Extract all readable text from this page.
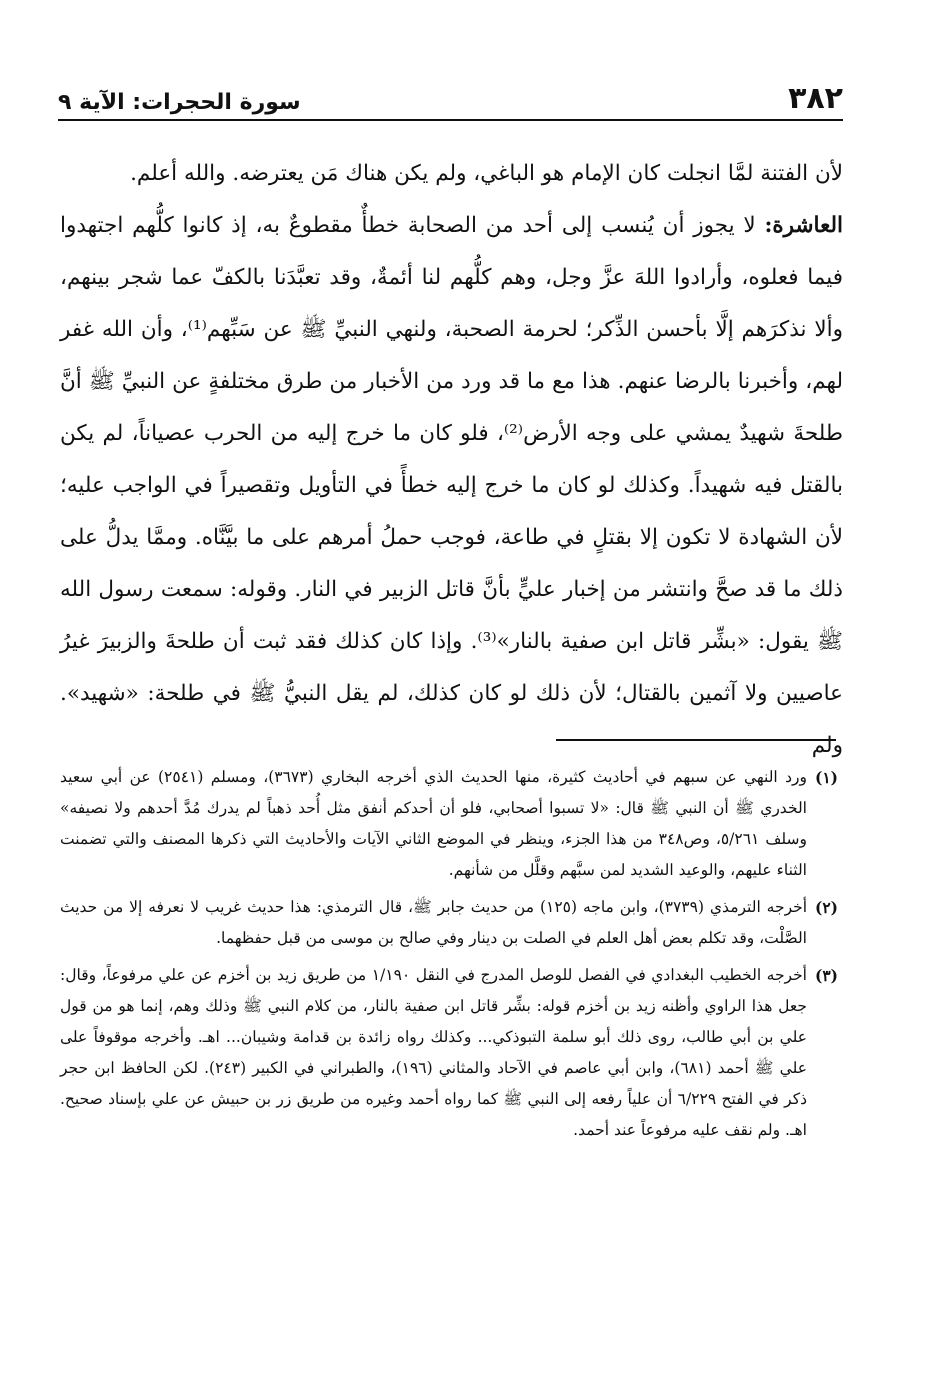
٣٨٢
سورة الحجرات: الآية ٩

لأن الفتنة لمَّا انجلت كان الإمام هو الباغي، ولم يكن هناك مَن يعترضه. والله أعلم.

العاشرة: لا يجوز أن يُنسب إلى أحد من الصحابة خطأٌ مقطوعٌ به، إذ كانوا كلُّهم اجتهدوا فيما فعلوه، وأرادوا اللهَ عزَّ وجل، وهم كلُّهم لنا أئمةٌ، وقد تعبَّدَنا بالكفّ عما شجر بينهم، وألا نذكرَهم إلَّا بأحسن الذِّكر؛ لحرمة الصحبة، ولنهي النبيِّ ﷺ عن سَبِّهم⁽¹⁾، وأن الله غفر لهم، وأخبرنا بالرضا عنهم. هذا مع ما قد ورد من الأخبار من طرق مختلفةٍ عن النبيِّ ﷺ أنَّ طلحةَ شهيدٌ يمشي على وجه الأرض⁽²⁾، فلو كان ما خرج إليه من الحرب عصياناً، لم يكن بالقتل فيه شهيداً. وكذلك لو كان ما خرج إليه خطأً في التأويل وتقصيراً في الواجب عليه؛ لأن الشهادة لا تكون إلا بقتلٍ في طاعة، فوجب حملُ أمرهم على ما بيَّنَّاه. وممَّا يدلُّ على ذلك ما قد صحَّ وانتشر من إخبار عليٍّ بأنَّ قاتل الزبير في النار. وقوله: سمعت رسول الله ﷺ يقول: «بشِّر قاتل ابن صفية بالنار»⁽³⁾. وإذا كان كذلك فقد ثبت أن طلحةَ والزبيرَ غيرُ عاصيين ولا آثمين بالقتال؛ لأن ذلك لو كان كذلك، لم يقل النبيُّ ﷺ في طلحة: «شهيد». ولم

(١)
ورد النهي عن سبهم في أحاديث كثيرة، منها الحديث الذي أخرجه البخاري (٣٦٧٣)، ومسلم (٢٥٤١) عن أبي سعيد الخدري ﷺ أن النبي ﷺ قال: «لا تسبوا أصحابي، فلو أن أحدكم أنفق مثل أُحد ذهباً لم يدرك مُدَّ أحدهم ولا نصيفه» وسلف ٥/٢٦١، وص٣٤٨ من هذا الجزء، وينظر في الموضع الثاني الآيات والأحاديث التي ذكرها المصنف والتي تضمنت الثناء عليهم، والوعيد الشديد لمن سبَّهم وقلَّل من شأنهم.
(٢)
أخرجه الترمذي (٣٧٣٩)، وابن ماجه (١٢٥) من حديث جابر ﷺ، قال الترمذي: هذا حديث غريب لا نعرفه إلا من حديث الصَّلْت، وقد تكلم بعض أهل العلم في الصلت بن دينار وفي صالح بن موسى من قبل حفظهما.
(٣)
أخرجه الخطيب البغدادي في الفصل للوصل المدرج في النقل ١/١٩٠ من طريق زيد بن أخزم عن علي مرفوعاً، وقال: جعل هذا الراوي وأظنه زيد بن أخزم قوله: بشِّر قاتل ابن صفية بالنار، من كلام النبي ﷺ وذلك وهم، إنما هو من قول علي بن أبي طالب، روى ذلك أبو سلمة التبوذكي... وكذلك رواه زائدة بن قدامة وشيبان... اهـ. وأخرجه موقوفاً على علي ﷺ أحمد (٦٨١)، وابن أبي عاصم في الآحاد والمثاني (١٩٦)، والطبراني في الكبير (٢٤٣). لكن الحافظ ابن حجر ذكر في الفتح ٦/٢٢٩ أن علياً رفعه إلى النبي ﷺ كما رواه أحمد وغيره من طريق زر بن حبيش عن علي بإسناد صحيح. اهـ. ولم نقف عليه مرفوعاً عند أحمد.
